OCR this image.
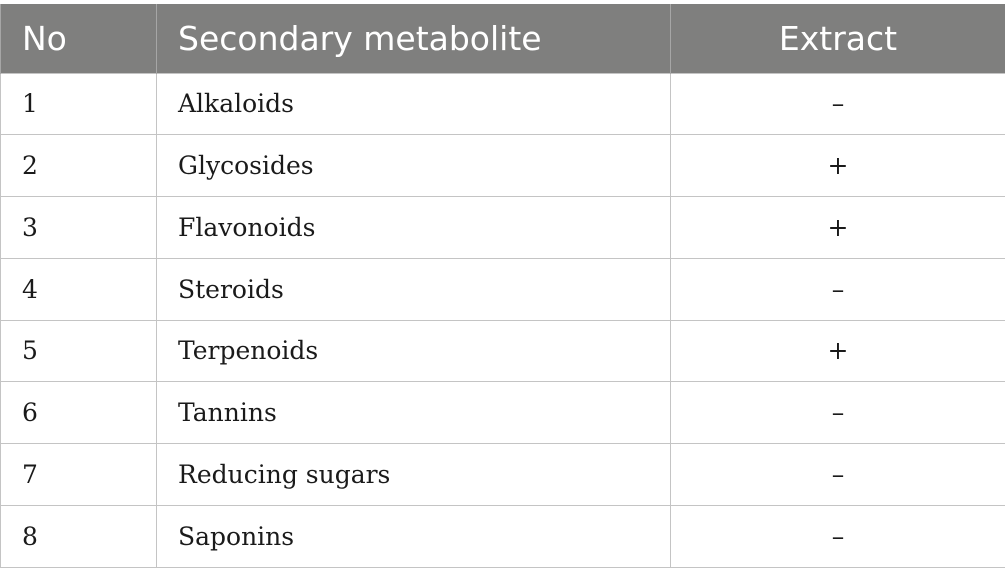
No	Secondary metabolite	Extract
1	Alkaloids	–
2	Glycosides	+
3	Flavonoids	+
4	Steroids	–
5	Terpenoids	+
6	Tannins	–
7	Reducing sugars	–
8	Saponins	–
